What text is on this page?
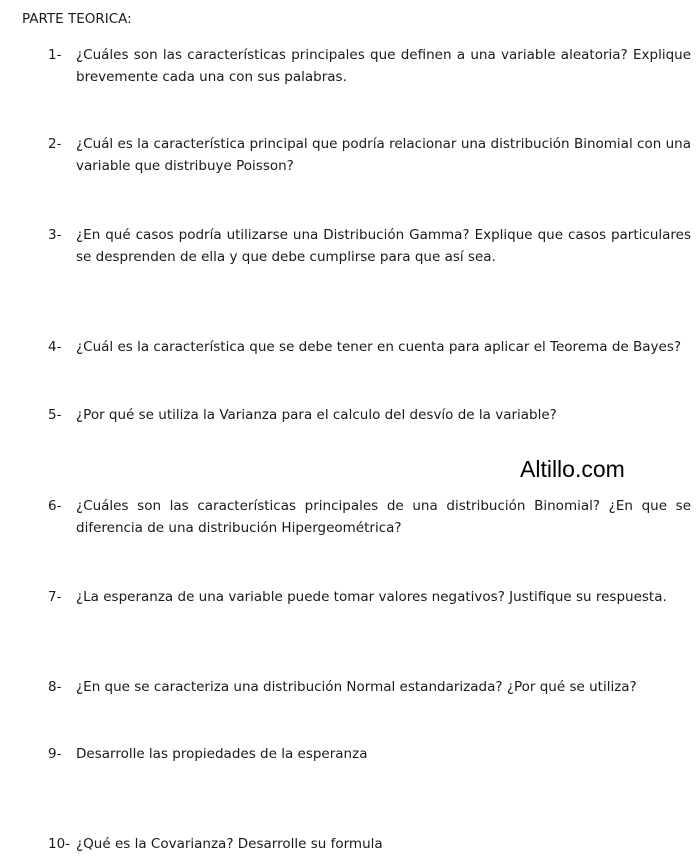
PARTE TEORICA:
1-	¿Cuáles son las características principales que definen a una variable aleatoria? Explique brevemente cada una con sus palabras.
2-	¿Cuál es la característica principal que podría relacionar una distribución Binomial con una variable que distribuye Poisson?
3-	¿En qué casos podría utilizarse una Distribución Gamma? Explique que casos particulares se desprenden de ella y que debe cumplirse para que así sea.
4-	¿Cuál es la característica que se debe tener en cuenta para aplicar el Teorema de Bayes?
5-	¿Por qué se utiliza la Varianza para el calculo del desvío de la variable?
Altillo.com
6-	¿Cuáles son las características principales de una distribución Binomial? ¿En que se diferencia de una distribución Hipergeométrica?
7-	¿La esperanza de una variable puede tomar valores negativos? Justifique su respuesta.
8-	¿En que se caracteriza una distribución Normal estandarizada? ¿Por qué se utiliza?
9-	Desarrolle las propiedades de la esperanza
10- ¿Qué es la Covarianza? Desarrolle su formula
